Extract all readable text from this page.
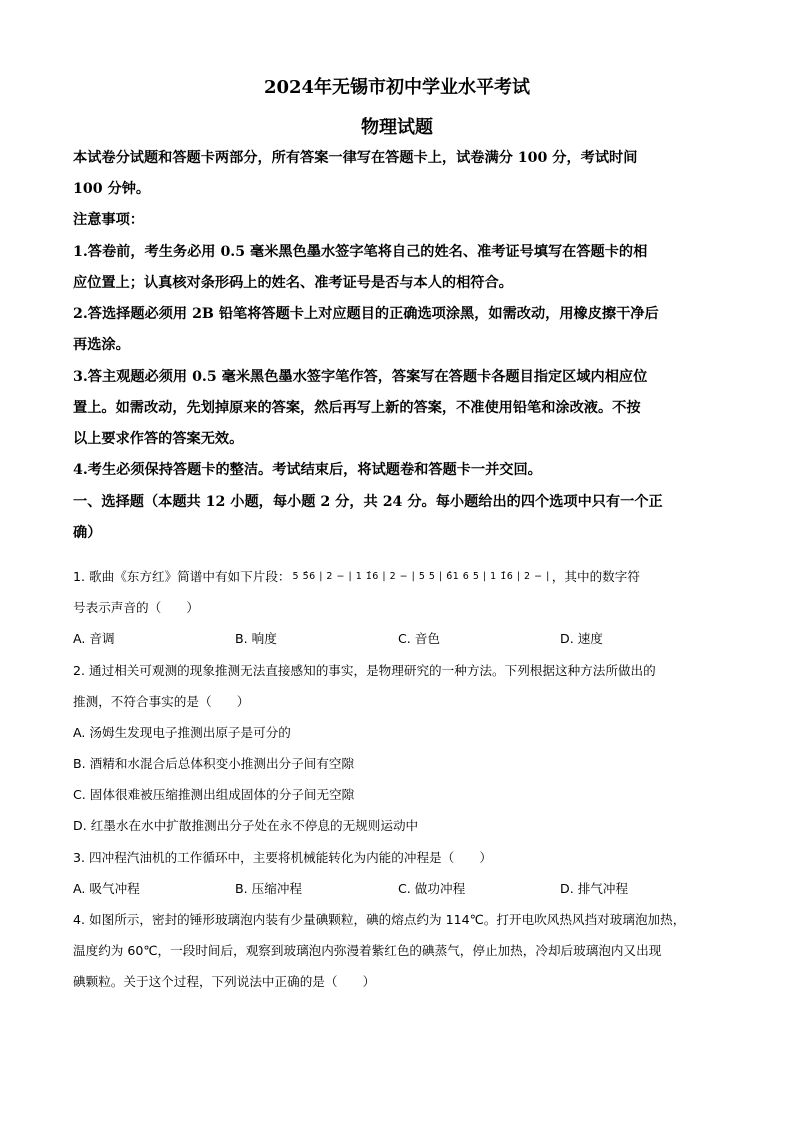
2024年无锡市初中学业水平考试
物理试题
本试卷分试题和答题卡两部分，所有答案一律写在答题卡上，试卷满分 100 分，考试时间
100 分钟。
注意事项：
1.答卷前，考生务必用 0.5 毫米黑色墨水签字笔将自己的姓名、准考证号填写在答题卡的相
应位置上；认真核对条形码上的姓名、准考证号是否与本人的相符合。
2.答选择题必须用 2B 铅笔将答题卡上对应题目的正确选项涂黑，如需改动，用橡皮擦干净后
再选涂。
3.答主观题必须用 0.5 毫米黑色墨水签字笔作答，答案写在答题卡各题目指定区域内相应位
置上。如需改动，先划掉原来的答案，然后再写上新的答案，不准使用铅笔和涂改液。不按
以上要求作答的答案无效。
4.考生必须保持答题卡的整洁。考试结束后，将试题卷和答题卡一并交回。
一、选择题（本题共 12 小题，每小题 2 分，共 24 分。每小题给出的四个选项中只有一个正
确）
1. 歌曲《东方红》简谱中有如下片段： 5 5̂6 | 2 − | 1 1̂6 | 2 − | 5 5 | 6̂1 6 5 | 1 1̂6 | 2 − | ，其中的数字符
号表示声音的（　　）
A. 音调	B. 响度	C. 音色	D. 速度
2. 通过相关可观测的现象推测无法直接感知的事实，是物理研究的一种方法。下列根据这种方法所做出的
推测，不符合事实的是（　　）
A. 汤姆生发现电子推测出原子是可分的
B. 酒精和水混合后总体积变小推测出分子间有空隙
C. 固体很难被压缩推测出组成固体的分子间无空隙
D. 红墨水在水中扩散推测出分子处在永不停息的无规则运动中
3. 四冲程汽油机的工作循环中，主要将机械能转化为内能的冲程是（　　）
A. 吸气冲程	B. 压缩冲程	C. 做功冲程	D. 排气冲程
4. 如图所示，密封的锤形玻璃泡内装有少量碘颗粒，碘的熔点约为 114℃。打开电吹风热风挡对玻璃泡加热，
温度约为 60℃，一段时间后，观察到玻璃泡内弥漫着紫红色的碘蒸气，停止加热，冷却后玻璃泡内又出现
碘颗粒。关于这个过程，下列说法中正确的是（　　）
